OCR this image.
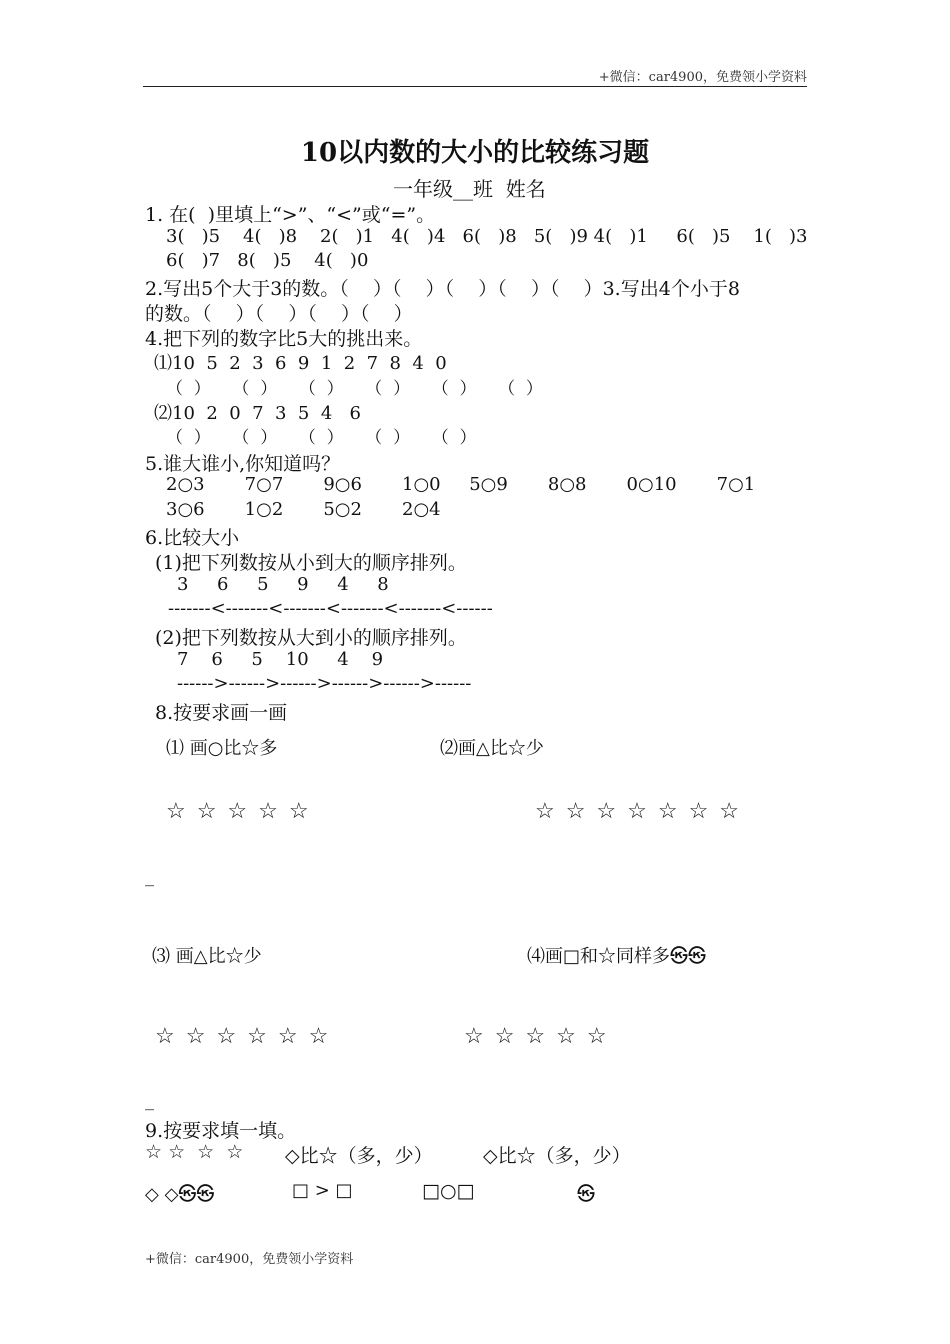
+微信：car4900，免费领小学资料
10以内数的大小的比较练习题
一年级__班  姓名
1. 在(  )里填上“>”、“<”或“=”。
3(   )5    4(   )8    2(   )1   4(   )4   6(   )8   5(   )9 4(   )1     6(   )5    1(   )3
6(   )7   8(   )5    4(   )0
2.写出5个大于3的数。（    ）（    ）（    ）（    ）（    ）3.写出4个小于8
的数。（    ）（    ）（    ）（    ）
4.把下列的数字比5大的挑出来。
⑴10  5  2  3  6  9  1  2  7  8  4  0
（  ）    （  ）    （  ）    （  ）    （  ）    （  ）
⑵10  2  0  7  3  5  4   6
（  ）    （  ）    （  ）    （  ）    （  ）
5.谁大谁小,你知道吗？
2○3       7○7       9○6       1○0     5○9       8○8       0○10       7○1
3○6       1○2       5○2       2○4
6.比较大小
(1)把下列数按从小到大的顺序排列。
3     6     5     9     4     8
-------<-------<-------<-------<-------<------
(2)把下列数按从大到小的顺序排列。
7    6     5    10     4    9
------>------>------>------>------>------
8.按要求画一画
⑴ 画○比☆多	⑵画△比☆少
☆ ☆ ☆ ☆ ☆	☆ ☆ ☆ ☆ ☆ ☆ ☆
_
⑶ 画△比☆少	⑷画□和☆同样多㉿㉿
☆ ☆ ☆ ☆ ☆ ☆	☆ ☆ ☆ ☆ ☆
_
9.按要求填一填。
☆ ☆  ☆  ☆ ◇比☆（多，少）	◇比☆（多，少）
◇ ◇㉿㉿	□ > □	□○□	㉿
+微信：car4900，免费领小学资料
